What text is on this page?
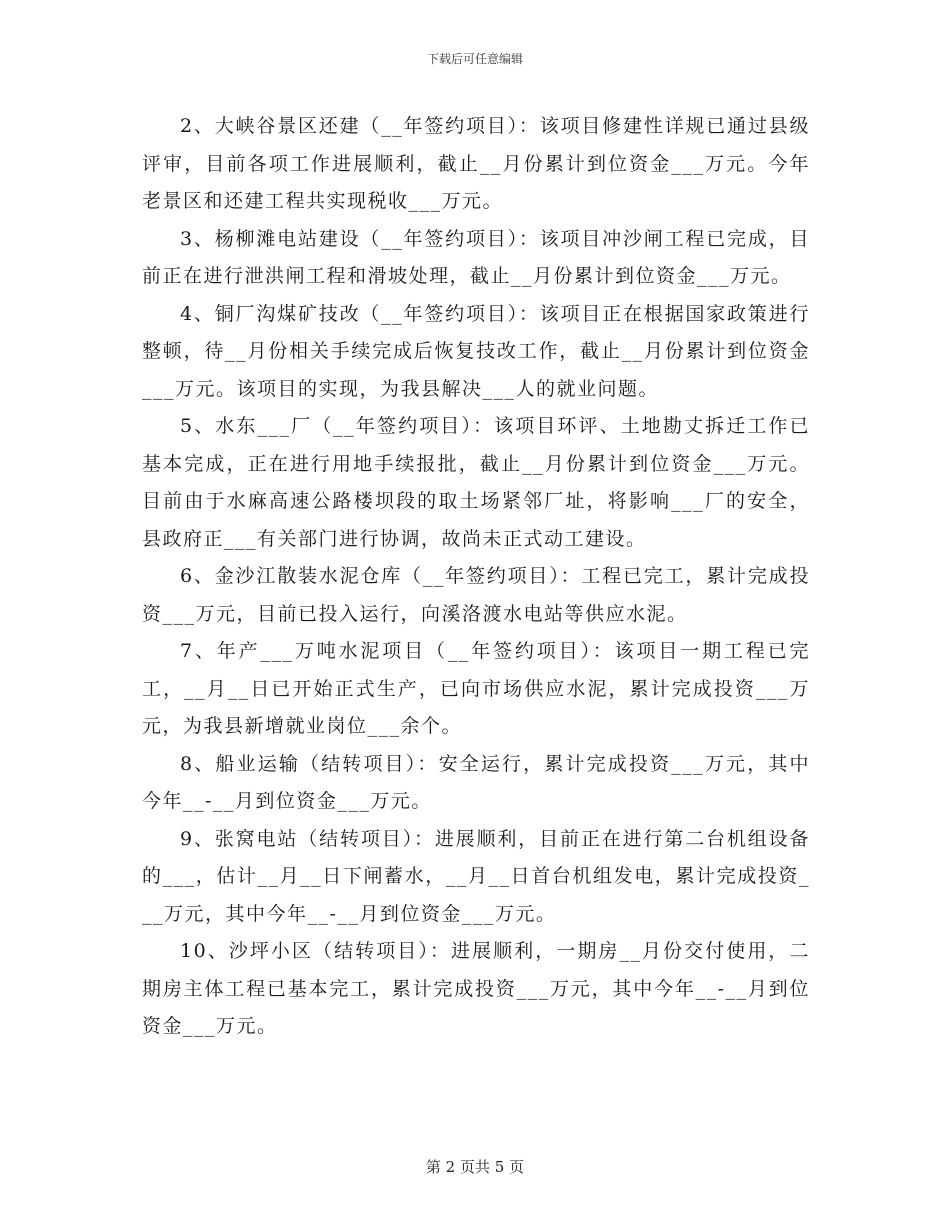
下载后可任意编辑

2、大峡谷景区还建（__年签约项目）：该项目修建性详规已通过县级评审，目前各项工作进展顺利，截止__月份累计到位资金___万元。今年老景区和还建工程共实现税收___万元。

3、杨柳滩电站建设（__年签约项目）：该项目冲沙闸工程已完成，目前正在进行泄洪闸工程和滑坡处理，截止__月份累计到位资金___万元。

4、铜厂沟煤矿技改（__年签约项目）：该项目正在根据国家政策进行整顿，待__月份相关手续完成后恢复技改工作，截止__月份累计到位资金___万元。该项目的实现，为我县解决___人的就业问题。

5、水东___厂（__年签约项目）：该项目环评、土地勘丈拆迁工作已基本完成，正在进行用地手续报批，截止__月份累计到位资金___万元。目前由于水麻高速公路楼坝段的取土场紧邻厂址，将影响___厂的安全，县政府正___有关部门进行协调，故尚未正式动工建设。

6、金沙江散装水泥仓库（__年签约项目）：工程已完工，累计完成投资___万元，目前已投入运行，向溪洛渡水电站等供应水泥。

7、年产___万吨水泥项目（__年签约项目）：该项目一期工程已完工，__月__日已开始正式生产，已向市场供应水泥，累计完成投资___万元，为我县新增就业岗位___余个。

8、船业运输（结转项目）：安全运行，累计完成投资___万元，其中今年__-__月到位资金___万元。

9、张窝电站（结转项目）：进展顺利，目前正在进行第二台机组设备的___，估计__月__日下闸蓄水，__月__日首台机组发电，累计完成投资___万元，其中今年__-__月到位资金___万元。

10、沙坪小区（结转项目）：进展顺利，一期房__月份交付使用，二期房主体工程已基本完工，累计完成投资___万元，其中今年__-__月到位资金___万元。

第 2 页共 5 页
